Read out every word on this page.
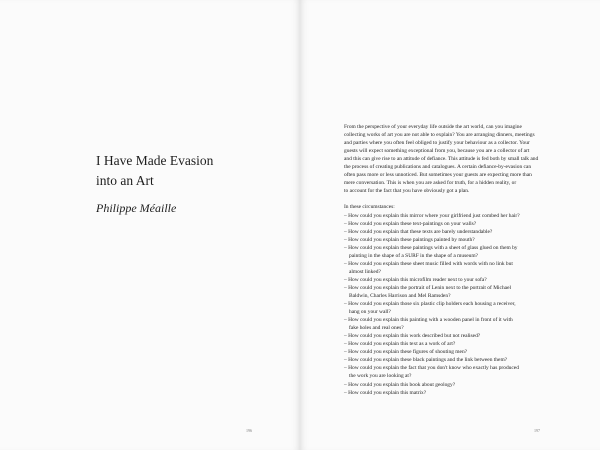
I Have Made Evasion
into an Art

Philippe Méaille

196	197
From the perspective of your everyday life outside the art world, can you imagine
collecting works of art you are not able to explain? You are arranging dinners, meetings
and parties where you often feel obliged to justify your behaviour as a collector. Your
guests will expect something exceptional from you, because you are a collector of art
and this can give rise to an attitude of defiance. This attitude is fed both by small talk and
the process of creating publications and catalogues. A certain defiance-by-evasion can
often pass more or less unnoticed. But sometimes your guests are expecting more than
mere conversation. This is when you are asked for truth, for a hidden reality, or
to account for the fact that you have obviously got a plan.
In these circumstances:
– How could you explain this mirror where your girlfriend just combed her hair?
– How could you explain these text-paintings on your walls?
– How could you explain that these texts are barely understandable?
– How could you explain these paintings painted by mouth?
– How could you explain these paintings with a sheet of glass glued on them by
painting in the shape of a SURF in the shape of a museum?
– How could you explain these sheet music filled with words with no link but
almost linked?
– How could you explain this microfilm reader next to your sofa?
– How could you explain the portrait of Lenin next to the portrait of Michael
Baldwin, Charles Harrison and Mel Ramsden?
– How could you explain those six plastic clip holders each housing a receiver,
hang on your wall?
– How could you explain this painting with a wooden panel in front of it with
fake holes and real ones?
– How could you explain this work described but not realised?
– How could you explain this text as a work of art?
– How could you explain these figures of shouting men?
– How could you explain these black paintings and the link between them?
– How could you explain the fact that you don't know who exactly has produced
the work you are looking at?
– How could you explain this book about geology?
– How could you explain this matrix?
